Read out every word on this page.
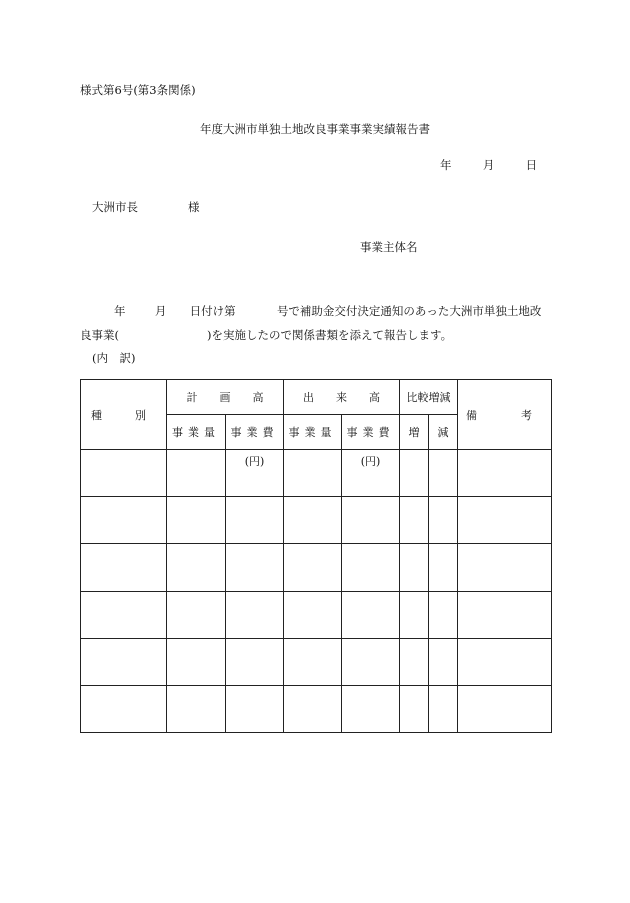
様式第6号(第3条関係)
年度大洲市単独土地改良事業事業実績報告書
年	月	日
大洲市長	様
事業主体名
年	月 日付け第	号で補助金交付決定通知のあった大洲市単独土地改
良事業(	)を実施したので関係書類を添えて報告します。
(内　訳)
種　　　別	計　　画　　高		出　　来　　高		比較増減		備　　　　考

	事業量	事業費	事業量	事業費	増	減	
		(円)		(円)			
